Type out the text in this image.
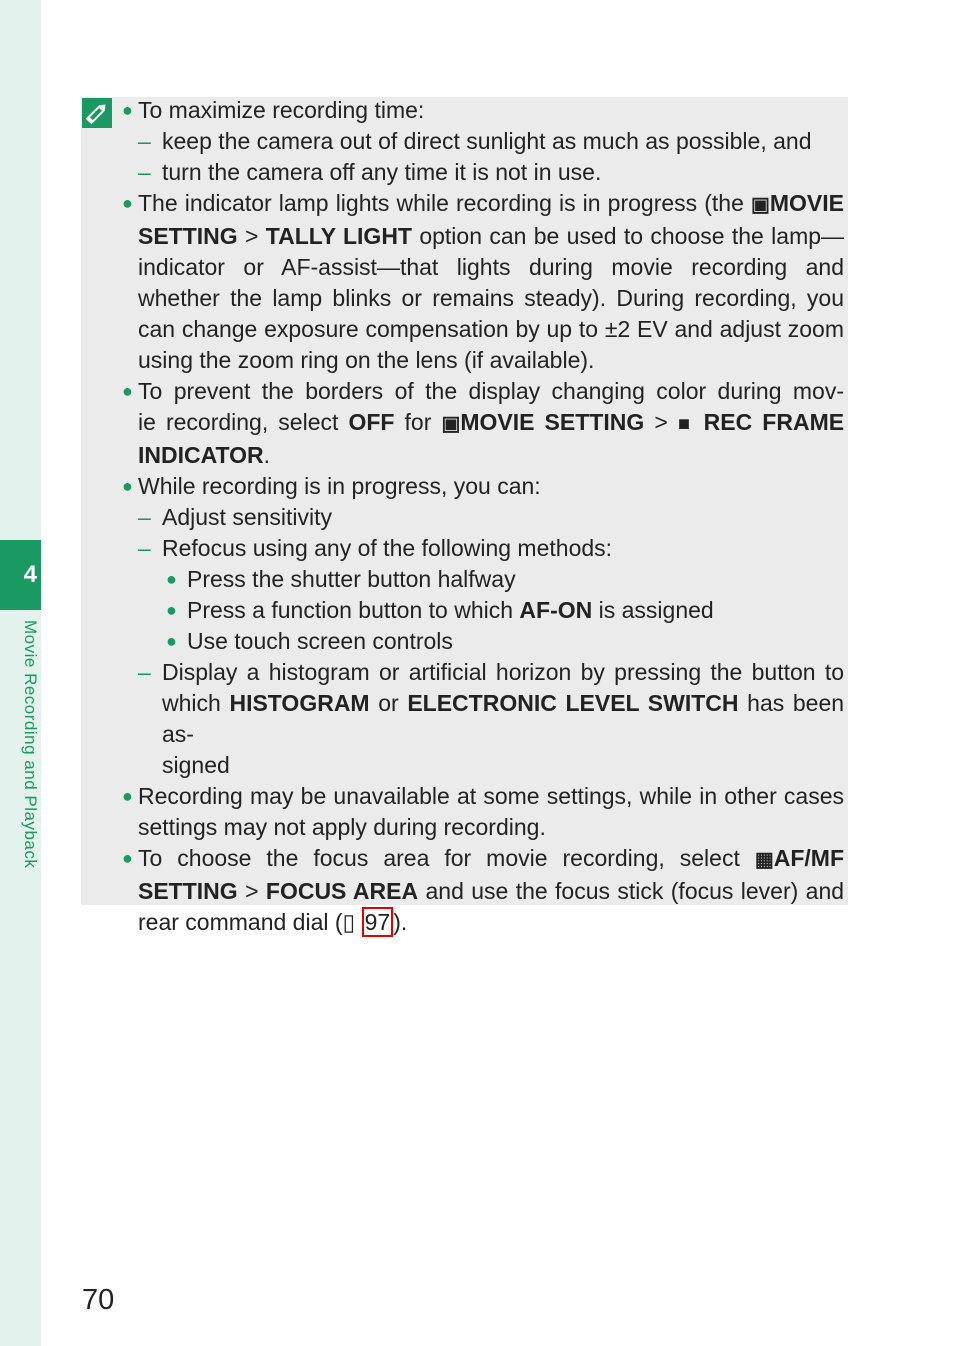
4
Movie Recording and Playback
● To maximize recording time:
– keep the camera out of direct sunlight as much as possible, and
– turn the camera off any time it is not in use.
● The indicator lamp lights while recording is in progress (the ▣MOVIE
SETTING > TALLY LIGHT option can be used to choose the lamp—
indicator or AF-assist—that lights during movie recording and
whether the lamp blinks or remains steady). During recording, you
can change exposure compensation by up to ±2 EV and adjust zoom
using the zoom ring on the lens (if available).
● To prevent the borders of the display changing color during mov-
ie recording, select OFF for ▣MOVIE SETTING > ■ REC FRAME
INDICATOR.
● While recording is in progress, you can:
– Adjust sensitivity
– Refocus using any of the following methods:
● Press the shutter button halfway
● Press a function button to which AF-ON is assigned
● Use touch screen controls
– Display a histogram or artificial horizon by pressing the button to
which HISTOGRAM or ELECTRONIC LEVEL SWITCH has been as-
signed
● Recording may be unavailable at some settings, while in other cases
settings may not apply during recording.
● To choose the focus area for movie recording, select ▦AF/MF
SETTING > FOCUS AREA and use the focus stick (focus lever) and
rear command dial (▯ 97 ).
70
